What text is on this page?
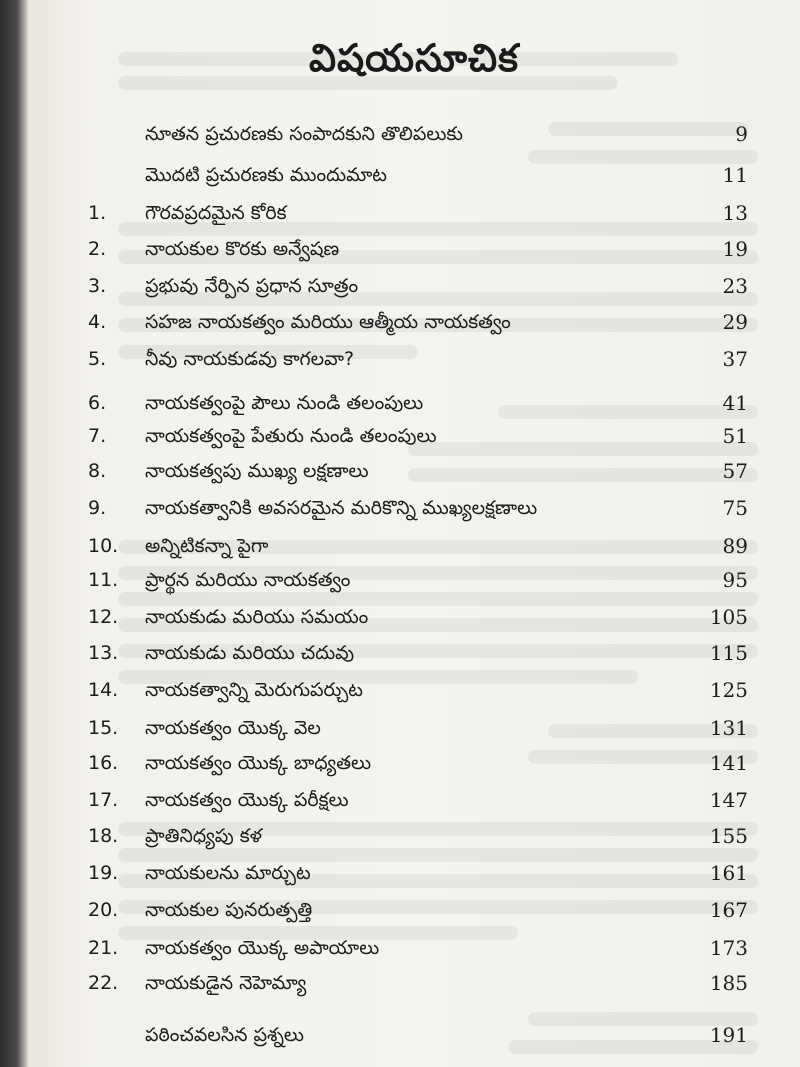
విషయసూచిక
నూతన ప్రచురణకు సంపాదకుని తొలిపలుకు	9
మొదటి ప్రచురణకు ముందుమాట	11
1.	గౌరవప్రదమైన కోరిక	13
2.	నాయకుల కొరకు అన్వేషణ	19
3.	ప్రభువు నేర్పిన ప్రధాన సూత్రం	23
4.	సహజ నాయకత్వం మరియు ఆత్మీయ నాయకత్వం	29
5.	నీవు నాయకుడవు కాగలవా?	37
6.	నాయకత్వంపై పౌలు నుండి తలంపులు	41
7.	నాయకత్వంపై పేతురు నుండి తలంపులు	51
8.	నాయకత్వపు ముఖ్య లక్షణాలు	57
9.	నాయకత్వానికి అవసరమైన మరికొన్ని ముఖ్యలక్షణాలు	75
10.	అన్నిటికన్నా పైగా	89
11.	ప్రార్థన మరియు నాయకత్వం	95
12.	నాయకుడు మరియు సమయం	105
13.	నాయకుడు మరియు చదువు	115
14.	నాయకత్వాన్ని మెరుగుపర్చుట	125
15.	నాయకత్వం యొక్క వెల	131
16.	నాయకత్వం యొక్క బాధ్యతలు	141
17.	నాయకత్వం యొక్క పరీక్షలు	147
18.	ప్రాతినిధ్యపు కళ	155
19.	నాయకులను మార్చుట	161
20.	నాయకుల పునరుత్పత్తి	167
21.	నాయకత్వం యొక్క అపాయాలు	173
22.	నాయకుడైన నెహెమ్యా	185
పఠించవలసిన ప్రశ్నలు	191
